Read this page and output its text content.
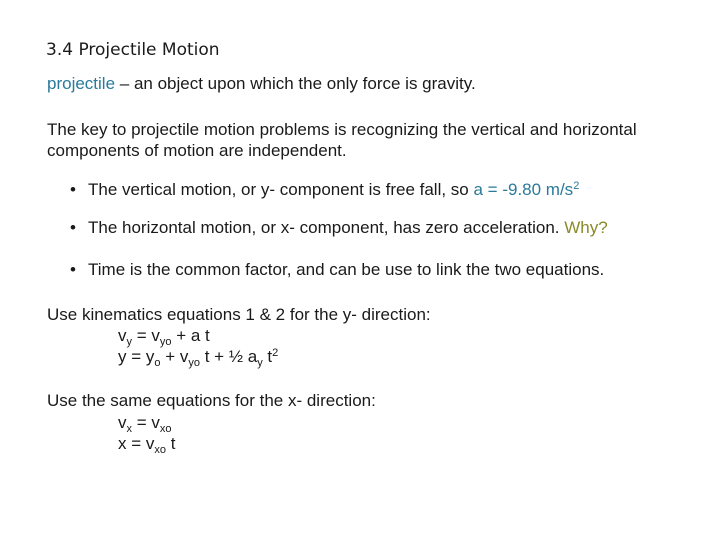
3.4 Projectile Motion
projectile – an object upon which the only force is gravity.
The key to projectile motion problems is recognizing the vertical and horizontal
components of motion are independent.
• The vertical motion, or y- component is free fall, so a = -9.80 $m/s^2$
• The horizontal motion, or x- component, has zero acceleration. Why?
• Time is the common factor, and can be use to link the two equations.
Use kinematics equations 1 & 2 for the y- direction:
$v_y = v_{yo} + a$ t
$y = y_o + v_{yo}$ t + ½ $a_y$ $t^2$
Use the same equations for the x- direction:
$v_x = v_{xo}$
$x = v_{xo}$ t
